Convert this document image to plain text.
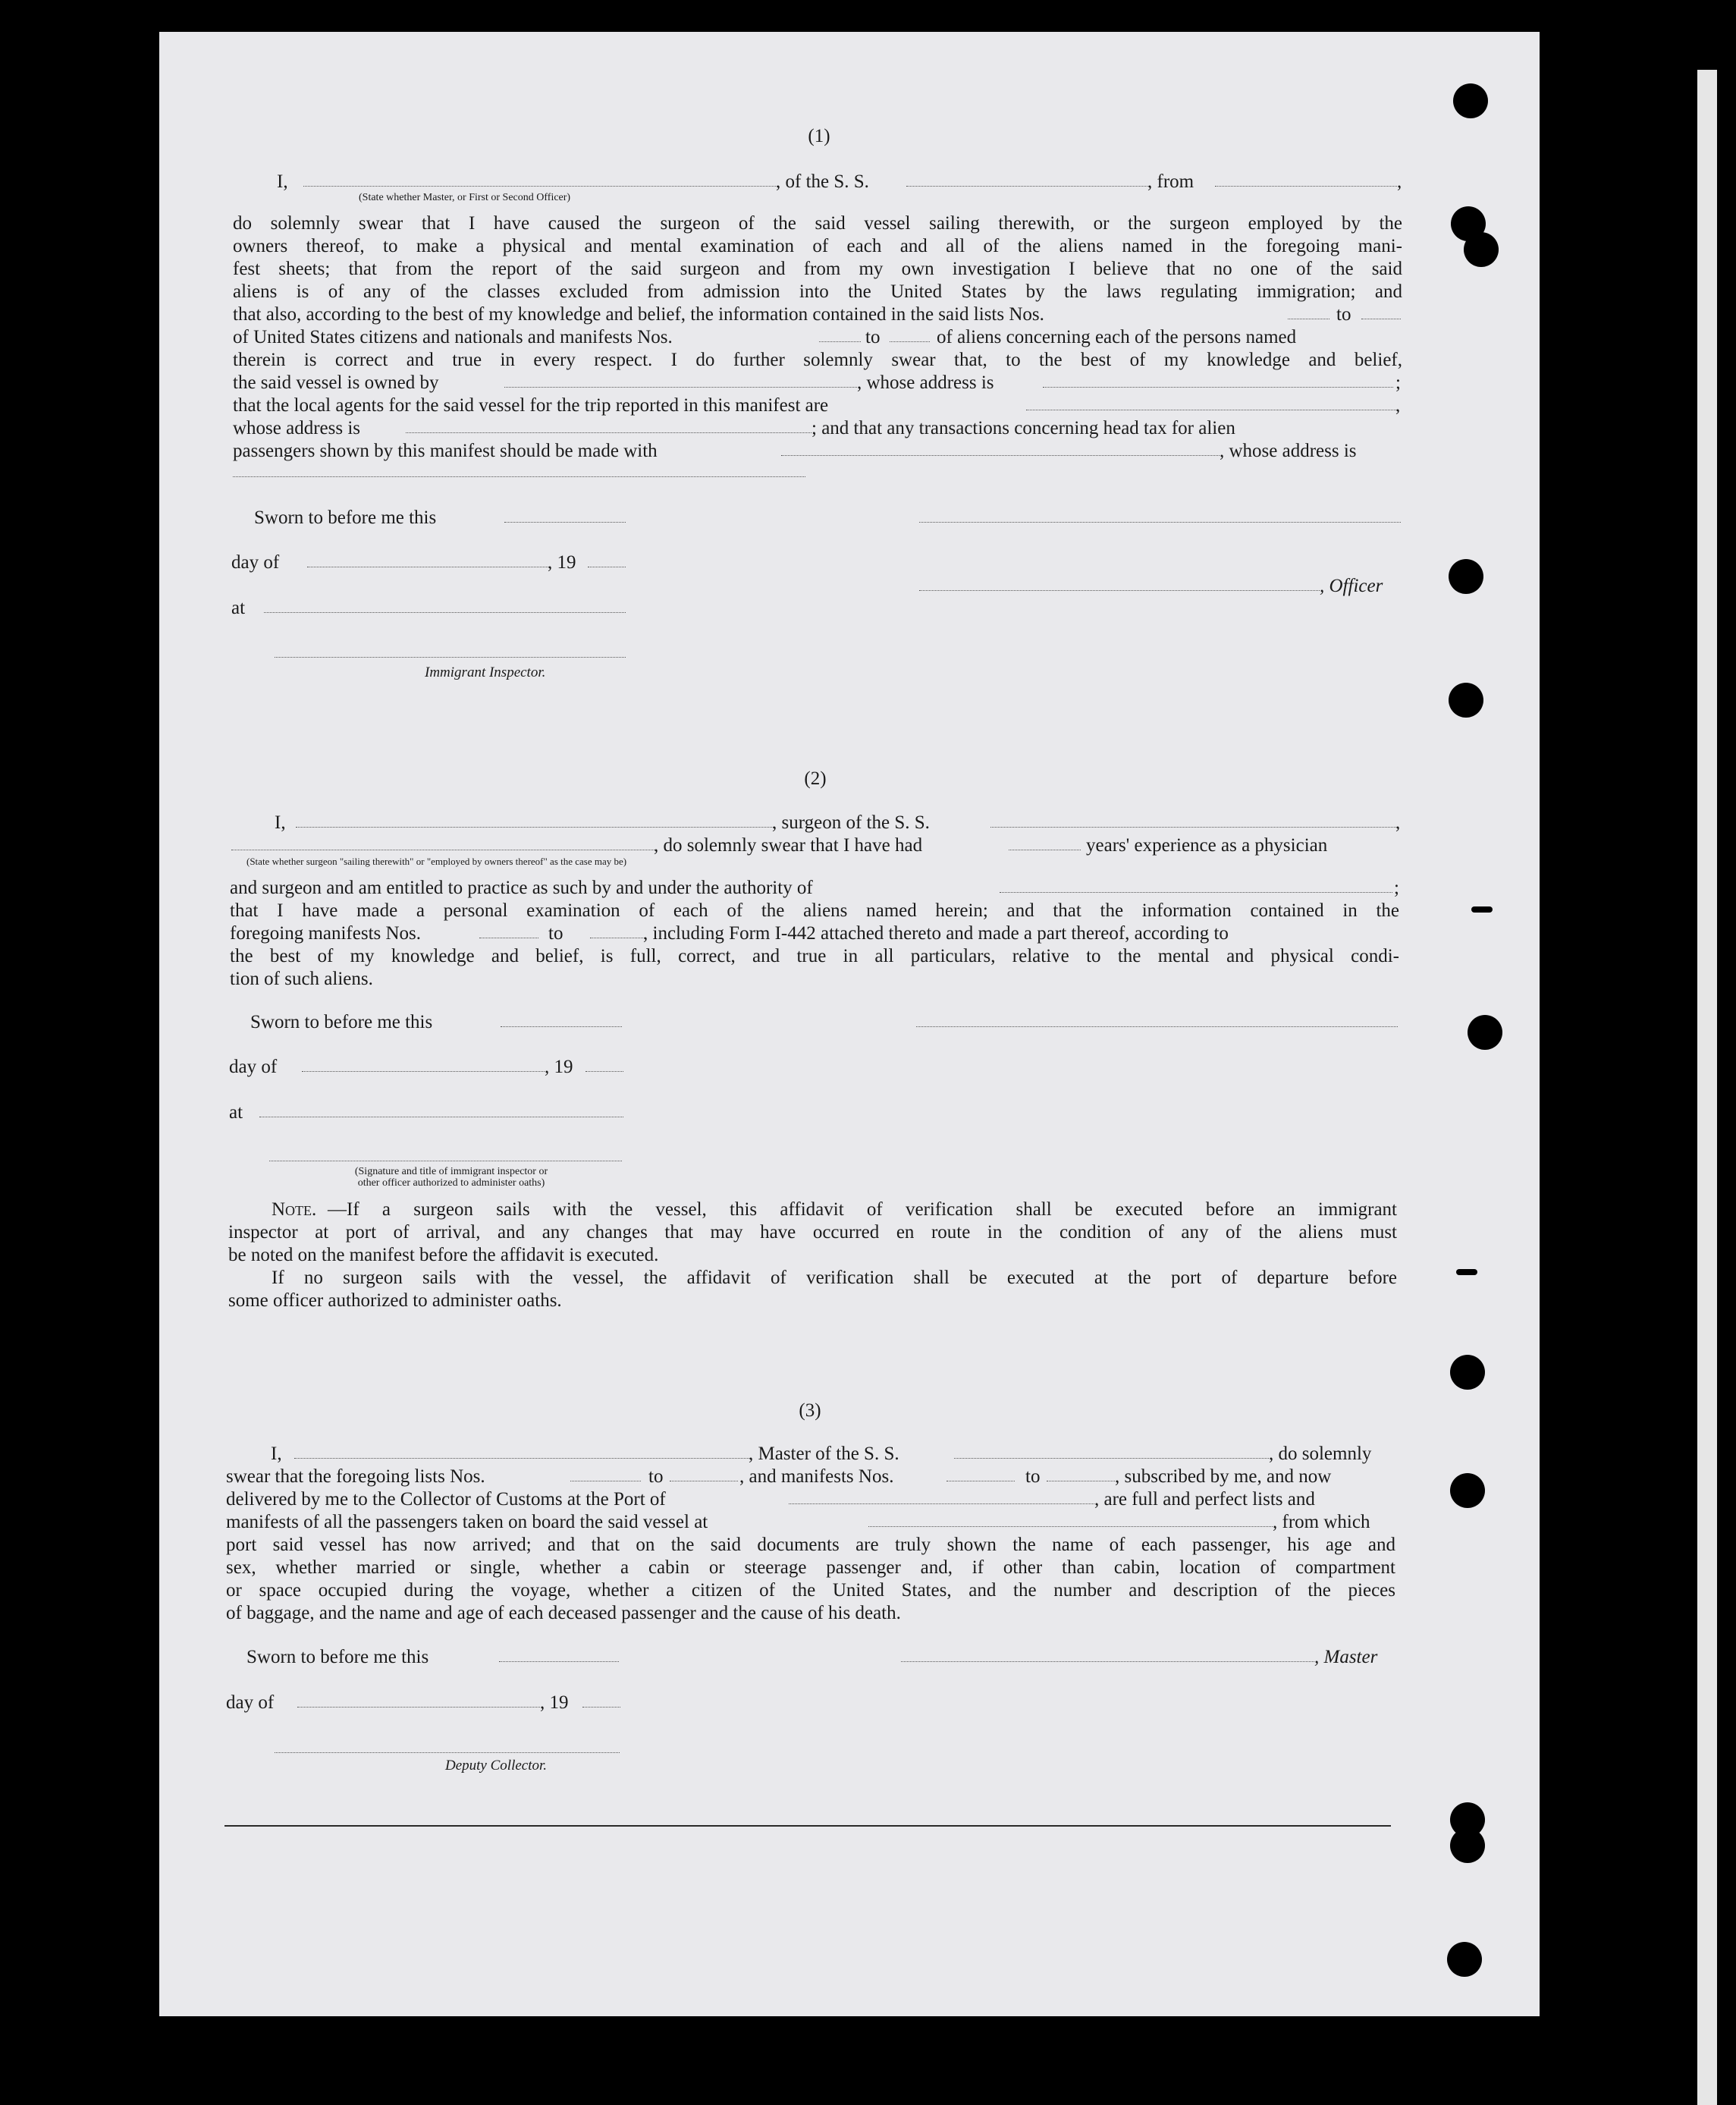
(1)
I,	, of the S. S.	, from	,
(State whether Master, or First or Second Officer)
do solemnly swear that I have caused the surgeon of the said vessel sailing therewith, or the surgeon employed by the
owners thereof, to make a physical and mental examination of each and all of the aliens named in the foregoing mani-
fest sheets; that from the report of the said surgeon and from my own investigation I believe that no one of the said
aliens is of any of the classes excluded from admission into the United States by the laws regulating immigration; and
that also, according to the best of my knowledge and belief, the information contained in the said lists Nos.	to
of United States citizens and nationals and manifests Nos.	to	of aliens concerning each of the persons named
therein is correct and true in every respect. I do further solemnly swear that, to the best of my knowledge and belief,
the said vessel is owned by	, whose address is	;
that the local agents for the said vessel for the trip reported in this manifest are	,
whose address is	; and that any transactions concerning head tax for alien
passengers shown by this manifest should be made with	, whose address is
Sworn to before me this
day of	, 19
, Officer
at
Immigrant Inspector.
(2)
I,	, surgeon of the S. S.	,
, do solemnly swear that I have had	years' experience as a physician
(State whether surgeon "sailing therewith" or "employed by owners thereof" as the case may be)
and surgeon and am entitled to practice as such by and under the authority of	;
that I have made a personal examination of each of the aliens named herein; and that the information contained in the
foregoing manifests Nos.	to	, including Form I-442 attached thereto and made a part thereof, according to
the best of my knowledge and belief, is full, correct, and true in all particulars, relative to the mental and physical condi-
tion of such aliens.
Sworn to before me this
day of	, 19
at
(Signature and title of immigrant inspector or
other officer authorized to administer oaths)
Note. —If a surgeon sails with the vessel, this affidavit of verification shall be executed before an immigrant
inspector at port of arrival, and any changes that may have occurred en route in the condition of any of the aliens must
be noted on the manifest before the affidavit is executed.
If no surgeon sails with the vessel, the affidavit of verification shall be executed at the port of departure before
some officer authorized to administer oaths.
(3)
I,	, Master of the S. S.	, do solemnly
swear that the foregoing lists Nos.	to	, and manifests Nos.	to	, subscribed by me, and now
delivered by me to the Collector of Customs at the Port of	, are full and perfect lists and
manifests of all the passengers taken on board the said vessel at	, from which
port said vessel has now arrived; and that on the said documents are truly shown the name of each passenger, his age and
sex, whether married or single, whether a cabin or steerage passenger and, if other than cabin, location of compartment
or space occupied during the voyage, whether a citizen of the United States, and the number and description of the pieces
of baggage, and the name and age of each deceased passenger and the cause of his death.
Sworn to before me this	, Master
day of	, 19
Deputy Collector.
